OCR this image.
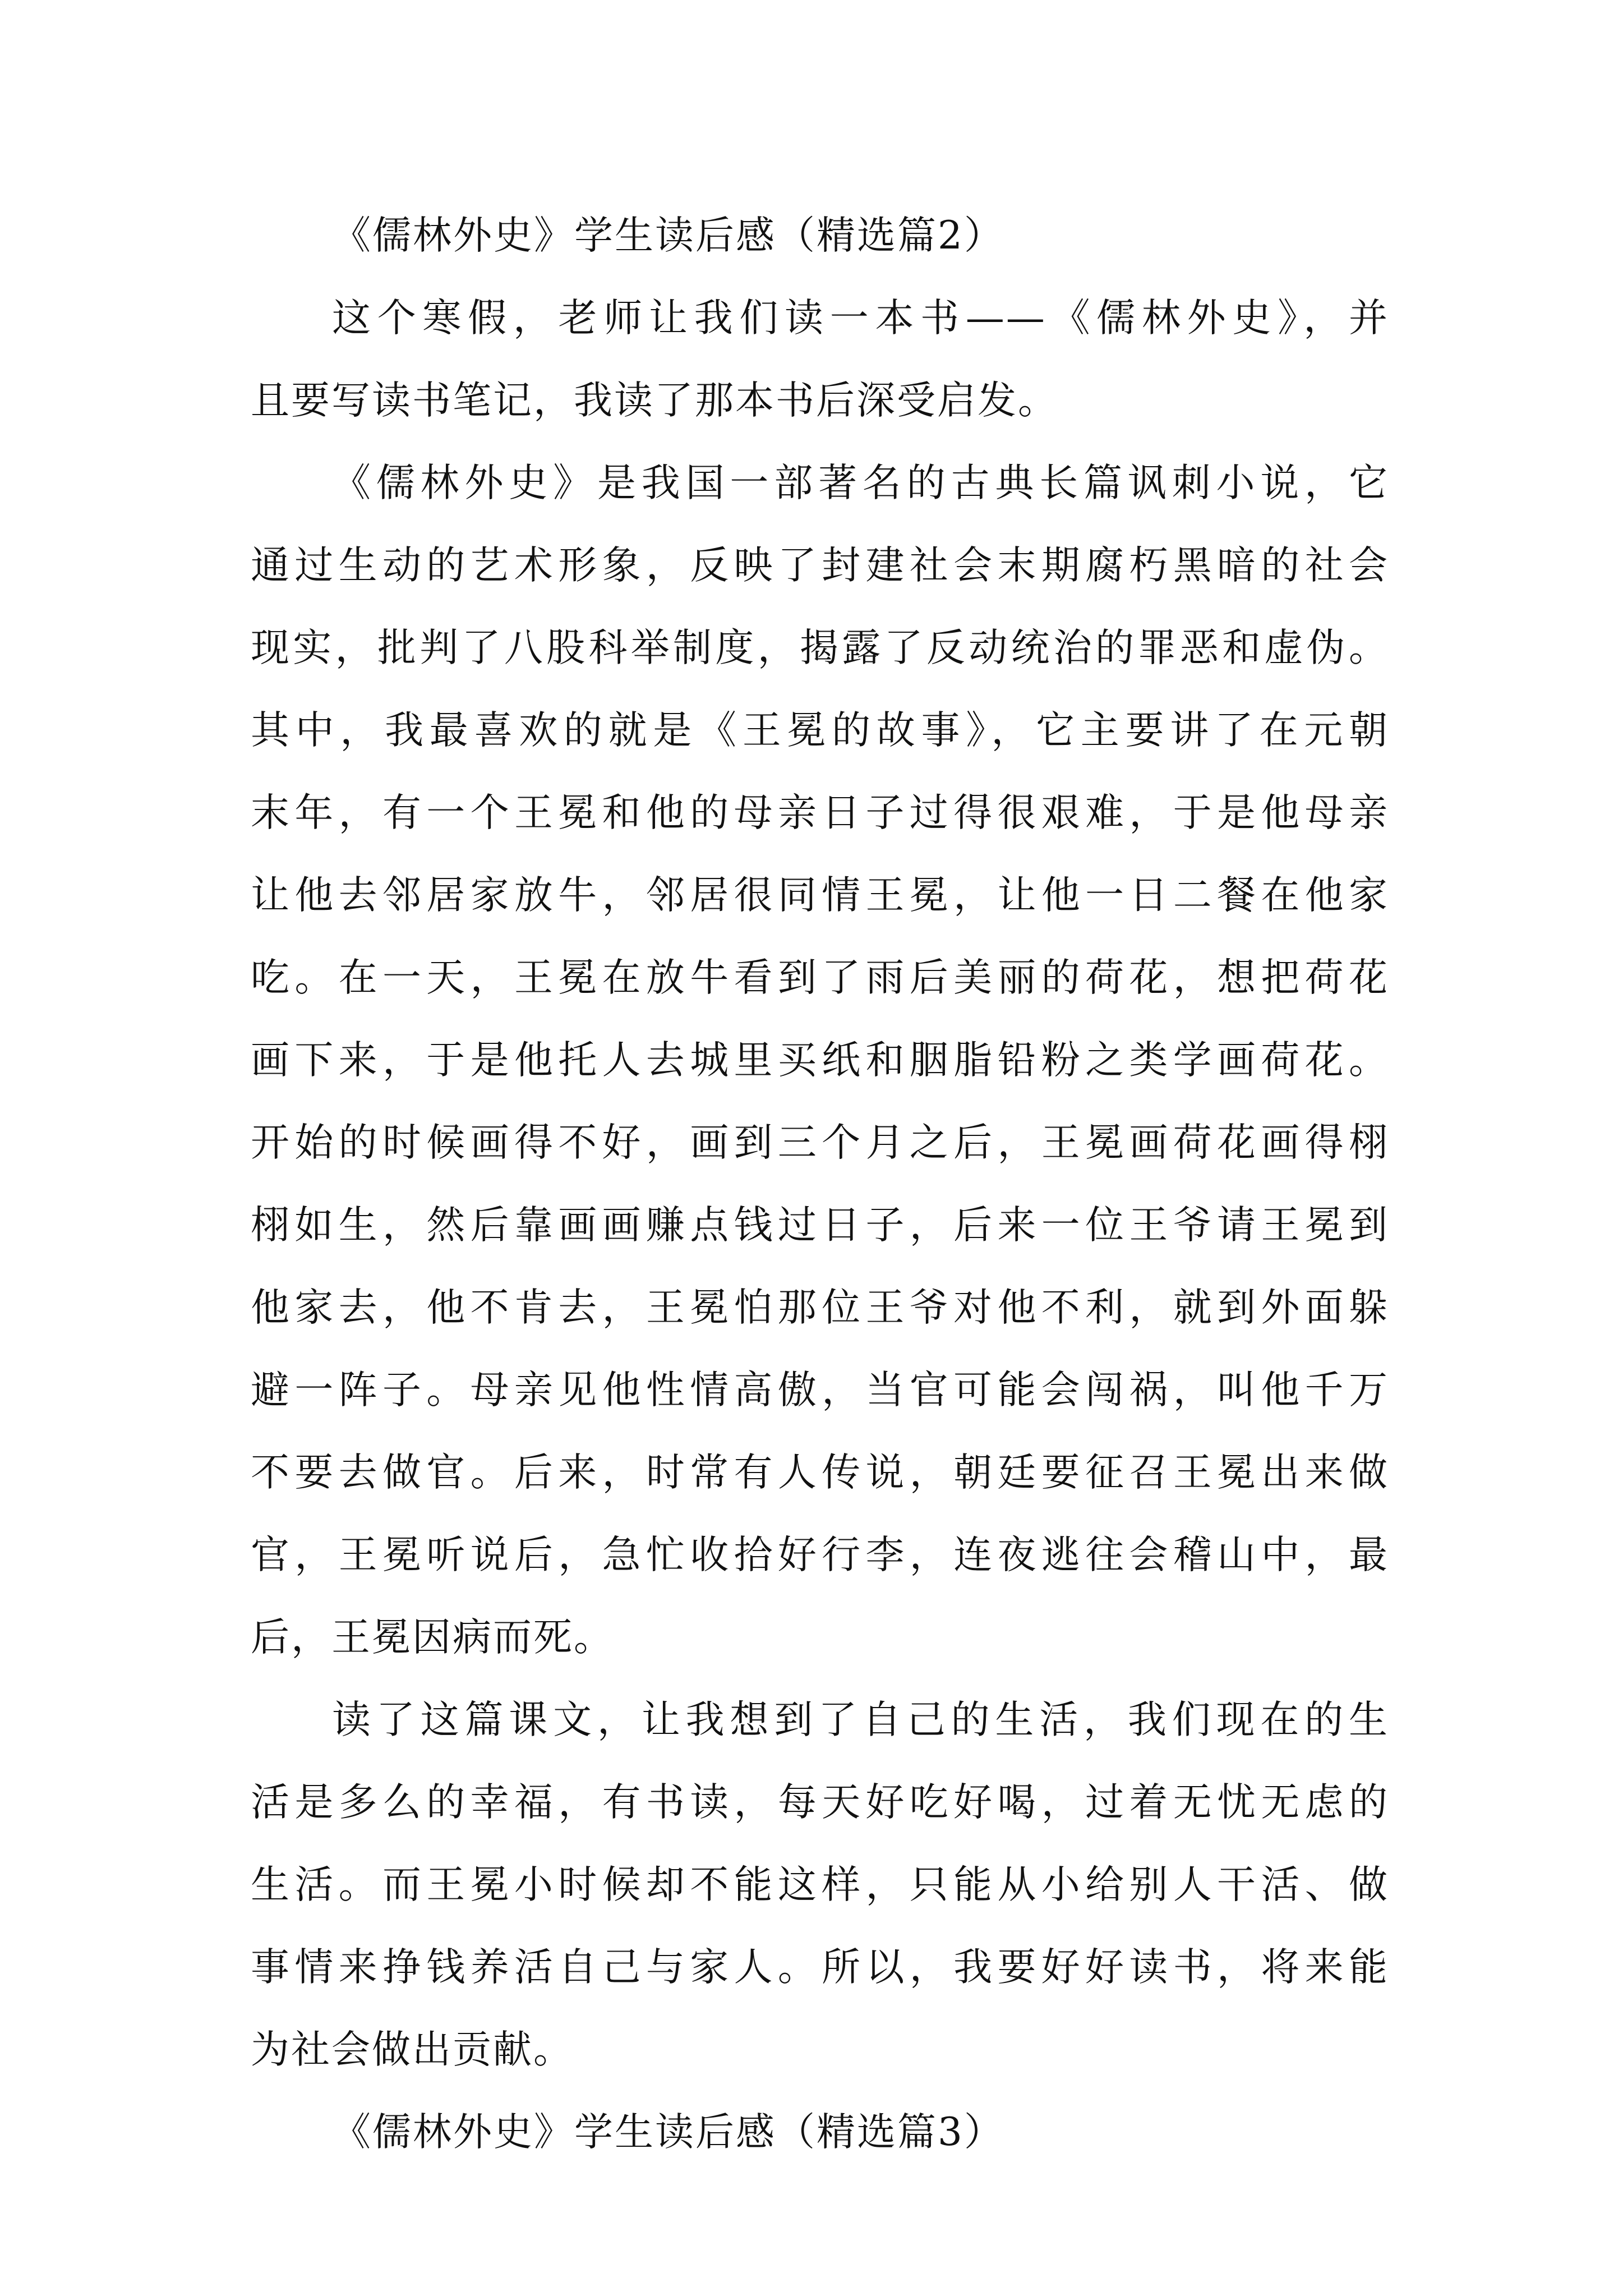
《儒林外史》学生读后感（精选篇2）
这个寒假，老师让我们读一本书——《儒林外史》，并
且要写读书笔记，我读了那本书后深受启发。
《儒林外史》是我国一部著名的古典长篇讽刺小说，它
通过生动的艺术形象，反映了封建社会末期腐朽黑暗的社会
现实，批判了八股科举制度，揭露了反动统治的罪恶和虚伪。
其中，我最喜欢的就是《王冕的故事》，它主要讲了在元朝
末年，有一个王冕和他的母亲日子过得很艰难，于是他母亲
让他去邻居家放牛，邻居很同情王冕，让他一日二餐在他家
吃。在一天，王冕在放牛看到了雨后美丽的荷花，想把荷花
画下来，于是他托人去城里买纸和胭脂铅粉之类学画荷花。
开始的时候画得不好，画到三个月之后，王冕画荷花画得栩
栩如生，然后靠画画赚点钱过日子，后来一位王爷请王冕到
他家去，他不肯去，王冕怕那位王爷对他不利，就到外面躲
避一阵子。母亲见他性情高傲，当官可能会闯祸，叫他千万
不要去做官。后来，时常有人传说，朝廷要征召王冕出来做
官，王冕听说后，急忙收拾好行李，连夜逃往会稽山中，最
后，王冕因病而死。
读了这篇课文，让我想到了自己的生活，我们现在的生
活是多么的幸福，有书读，每天好吃好喝，过着无忧无虑的
生活。而王冕小时候却不能这样，只能从小给别人干活、做
事情来挣钱养活自己与家人。所以，我要好好读书，将来能
为社会做出贡献。
《儒林外史》学生读后感（精选篇3）
